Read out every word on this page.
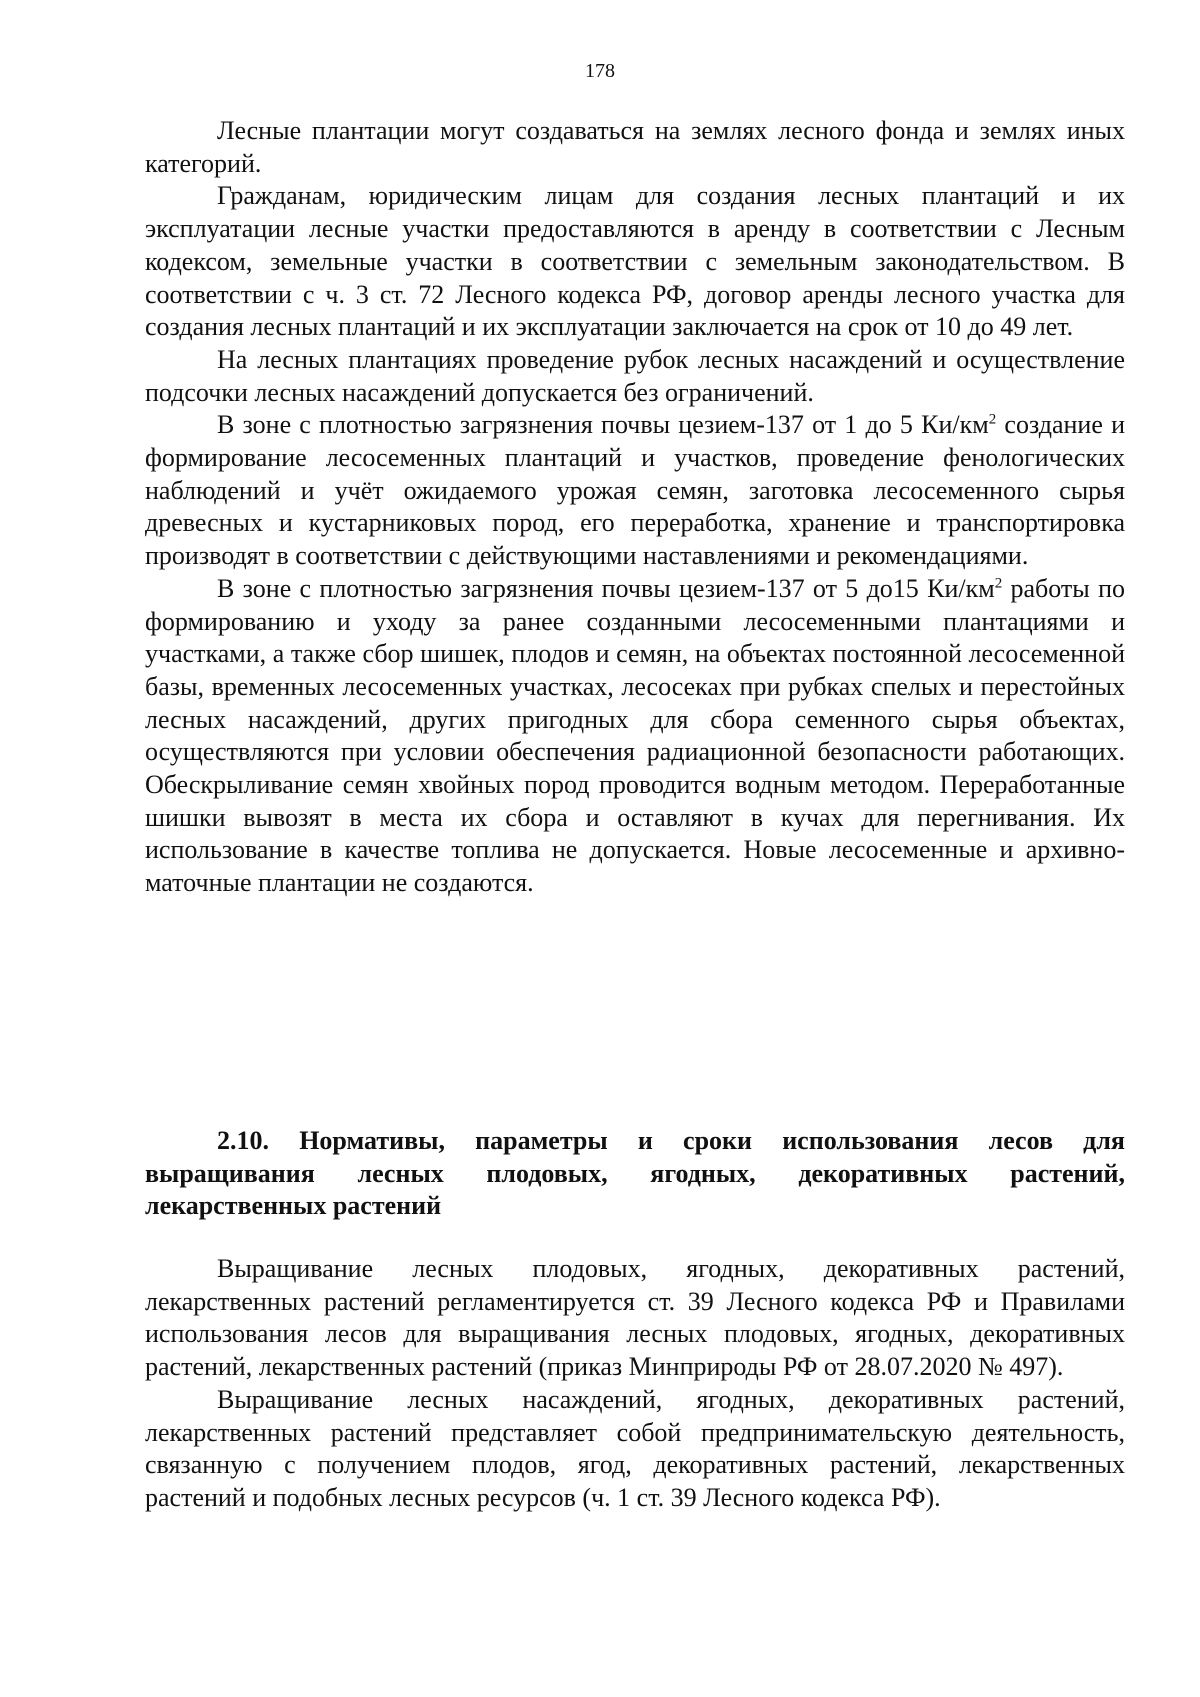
178

Лесные плантации могут создаваться на землях лесного фонда и землях иных категорий.

Гражданам, юридическим лицам для создания лесных плантаций и их эксплуатации лесные участки предоставляются в аренду в соответствии с Лесным кодексом, земельные участки в соответствии с земельным законодательством. В соответствии с ч. 3 ст. 72 Лесного кодекса РФ, договор аренды лесного участка для создания лесных плантаций и их эксплуатации заключается на срок от 10 до 49 лет.

На лесных плантациях проведение рубок лесных насаждений и осуществление подсочки лесных насаждений допускается без ограничений.

В зоне с плотностью загрязнения почвы цезием-137 от 1 до 5 $Ки/км^2$ создание и формирование лесосеменных плантаций и участков, проведение фенологических наблюдений и учёт ожидаемого урожая семян, заготовка лесосеменного сырья древесных и кустарниковых пород, его переработка, хранение и транспортировка производят в соответствии с действующими наставлениями и рекомендациями.

В зоне с плотностью загрязнения почвы цезием-137 от 5 до15 $Ки/км^2$ работы по формированию и уходу за ранее созданными лесосеменными плантациями и участками, а также сбор шишек, плодов и семян, на объектах постоянной лесосеменной базы, временных лесосеменных участках, лесосеках при рубках спелых и перестойных лесных насаждений, других пригодных для сбора семенного сырья объектах, осуществляются при условии обеспечения радиационной безопасности работающих. Обескрыливание семян хвойных пород проводится водным методом. Переработанные шишки вывозят в места их сбора и оставляют в кучах для перегнивания. Их использование в качестве топлива не допускается. Новые лесосеменные и архивно-маточные плантации не создаются.

2.10. Нормативы, параметры и сроки использования лесов для выращивания лесных плодовых, ягодных, декоративных растений, лекарственных растений

Выращивание лесных плодовых, ягодных, декоративных растений, лекарственных растений регламентируется ст. 39 Лесного кодекса РФ и Правилами использования лесов для выращивания лесных плодовых, ягодных, декоративных растений, лекарственных растений (приказ Минприроды РФ от 28.07.2020 № 497).

Выращивание лесных насаждений, ягодных, декоративных растений, лекарственных растений представляет собой предпринимательскую деятельность, связанную с получением плодов, ягод, декоративных растений, лекарственных растений и подобных лесных ресурсов (ч. 1 ст. 39 Лесного кодекса РФ).
